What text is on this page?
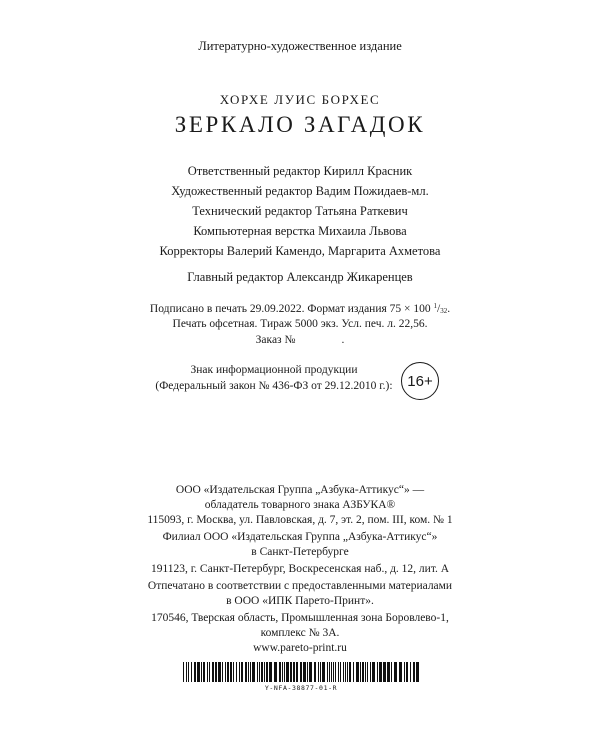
Литературно-художественное издание
ХОРХЕ ЛУИС БОРХЕС
ЗЕРКАЛО ЗАГАДОК
Ответственный редактор Кирилл Красник
Художественный редактор Вадим Пожидаев-мл.
Технический редактор Татьяна Раткевич
Компьютерная верстка Михаила Львова
Корректоры Валерий Камендо, Маргарита Ахметова
Главный редактор Александр Жикаренцев
Подписано в печать 29.09.2022. Формат издания 75 × 100 $^1/_{32}$.
Печать офсетная. Тираж 5000 экз. Усл. печ. л. 22,56.
Заказ №	.
Знак информационной продукции
(Федеральный закон № 436-ФЗ от 29.12.2010 г.): 16+
ООО «Издательская Группа „Азбука-Аттикус“» —
обладатель товарного знака АЗБУКА®
115093, г. Москва, ул. Павловская, д. 7, эт. 2, пом. III, ком. № 1
Филиал ООО «Издательская Группа „Азбука-Аттикус“»
в Санкт-Петербурге
191123, г. Санкт-Петербург, Воскресенская наб., д. 12, лит. А
Отпечатано в соответствии с предоставленными материалами
в ООО «ИПК Парето-Принт».
170546, Тверская область, Промышленная зона Боровлево-1,
комплекс № 3А.
www.pareto-print.ru
Y-NFA-38877-01-R
